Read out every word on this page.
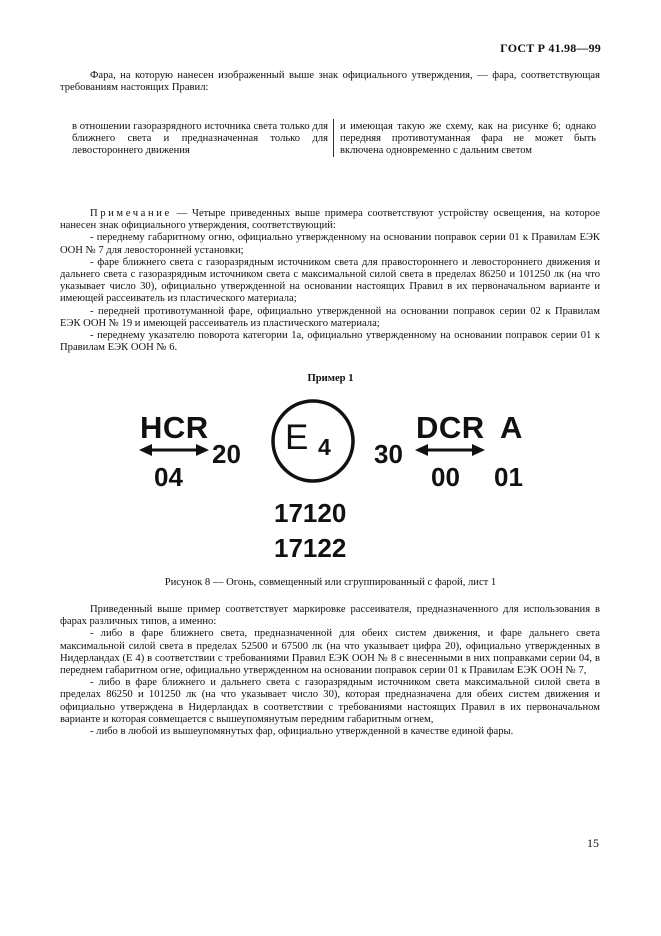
ГОСТ Р 41.98—99
Фара, на которую нанесен изображенный выше знак официального утверждения, — фара, соответствующая требованиям настоящих Правил:
в отношении газоразрядного источника света только для ближнего света и предназначенная только для левостороннего движения
и имеющая такую же схему, как на рисунке 6; однако передняя противотуманная фара не может быть включена одновременно с дальним светом
Примечание — Четыре приведенных выше примера соответствуют устройству освещения, на которое нанесен знак официального утверждения, соответствующий:
- переднему габаритному огню, официально утвержденному на основании поправок серии 01 к Правилам ЕЭК ООН № 7 для левосторонней установки;
- фаре ближнего света с газоразрядным источником света для правостороннего и левостороннего движения и дальнего света с газоразрядным источником света с максимальной силой света в пределах 86250 и 101250 лк (на что указывает число 30), официально утвержденной на основании настоящих Правил в их первоначальном варианте и имеющей рассеиватель из пластического материала;
- передней противотуманной фаре, официально утвержденной на основании поправок серии 02 к Правилам ЕЭК ООН № 19 и имеющей рассеиватель из пластического материала;
- переднему указателю поворота категории 1а, официально утвержденному на основании поправок серии 01 к Правилам ЕЭК ООН № 6.
Пример 1
HCR
04
20 E 4 30
DCR
00
A
01
17120
17122
Рисунок 8 — Огонь, совмещенный или сгруппированный с фарой, лист 1
Приведенный выше пример соответствует маркировке рассеивателя, предназначенного для использования в фарах различных типов, а именно:
- либо в фаре ближнего света, предназначенной для обеих систем движения, и фаре дальнего света максимальной силой света в пределах 52500 и 67500 лк (на что указывает цифра 20), официально утвержденных в Нидерландах (Е 4) в соответствии с требованиями Правил ЕЭК ООН № 8 с внесенными в них поправками серии 04, в переднем габаритном огне, официально утвержденном на основании поправок серии 01 к Правилам ЕЭК ООН № 7,
- либо в фаре ближнего и дальнего света с газоразрядным источником света максимальной силой света в пределах 86250 и 101250 лк (на что указывает число 30), которая предназначена для обеих систем движения и официально утверждена в Нидерландах в соответствии с требованиями настоящих Правил в их первоначальном варианте и которая совмещается с вышеупомянутым передним габаритным огнем,
- либо в любой из вышеупомянутых фар, официально утвержденной в качестве единой фары.
15
